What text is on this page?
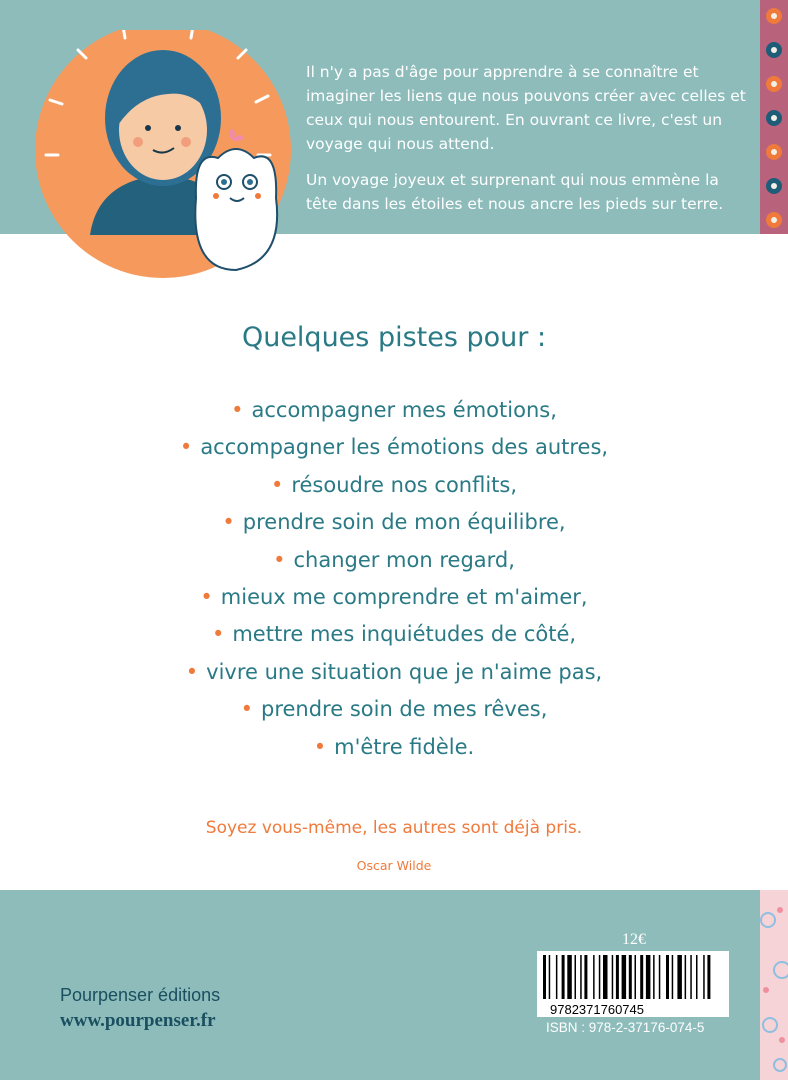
Il n'y a pas d'âge pour apprendre à se connaître et imaginer les liens que nous pouvons créer avec celles et ceux qui nous entourent. En ouvrant ce livre, c'est un voyage qui nous attend.

Un voyage joyeux et surprenant qui nous emmène la tête dans les étoiles et nous ancre les pieds sur terre.

Quelques pistes pour :
• accompagner mes émotions,
• accompagner les émotions des autres,
• résoudre nos conflits,
• prendre soin de mon équilibre,
• changer mon regard,
• mieux me comprendre et m'aimer,
• mettre mes inquiétudes de côté,
• vivre une situation que je n'aime pas,
• prendre soin de mes rêves,
• m'être fidèle.
Soyez vous-même, les autres sont déjà pris.
Oscar Wilde
Pourpenser éditions
www.pourpenser.fr
12€
9782371760745
ISBN : 978-2-37176-074-5
